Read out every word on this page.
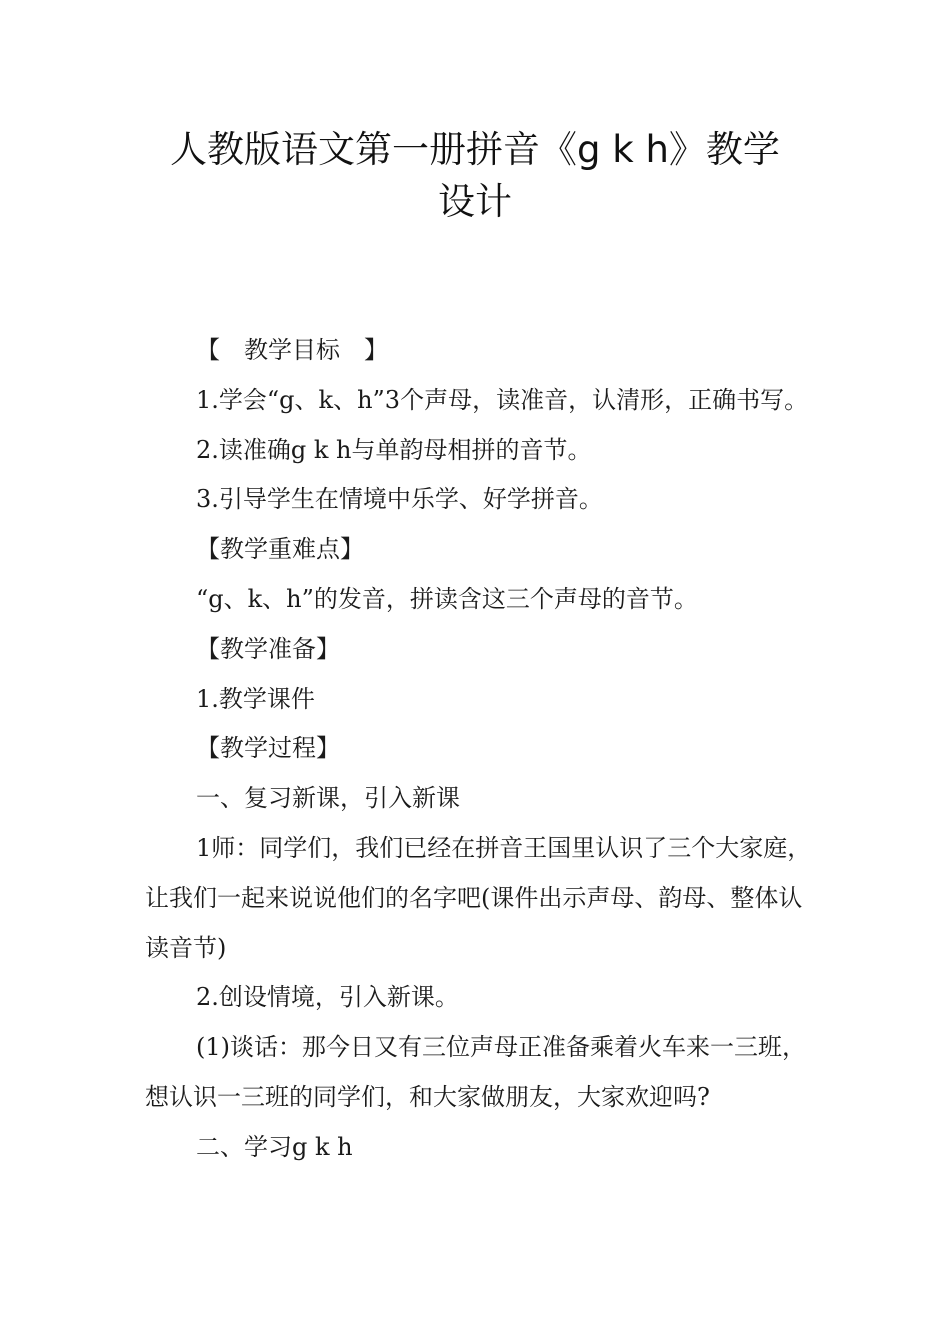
人教版语文第一册拼音《g k h》教学
设计

【　教学目标　】

1.学会“g、k、h”3个声母，读准音，认清形，正确书写。

2.读准确g k h与单韵母相拼的音节。

3.引导学生在情境中乐学、好学拼音。

【教学重难点】

“g、k、h”的发音，拼读含这三个声母的音节。

【教学准备】

1.教学课件

【教学过程】

一、复习新课，引入新课

1师：同学们，我们已经在拼音王国里认识了三个大家庭，让我们一起来说说他们的名字吧(课件出示声母、韵母、整体认读音节)

2.创设情境，引入新课。

(1)谈话：那今日又有三位声母正准备乘着火车来一三班，想认识一三班的同学们，和大家做朋友，大家欢迎吗?

二、学习g k h
